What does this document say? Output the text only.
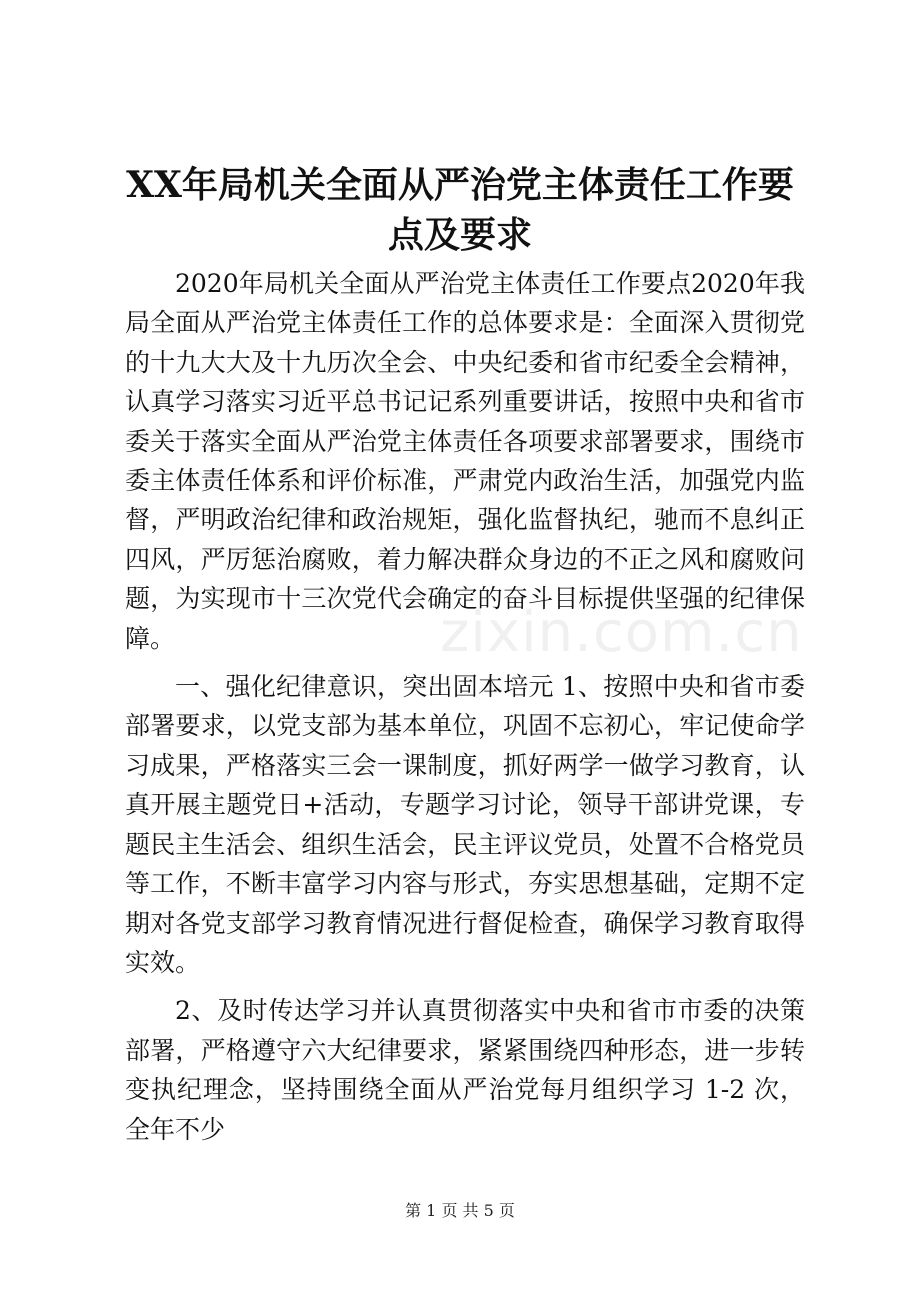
XX年局机关全面从严治党主体责任工作要点及要求

2020年局机关全面从严治党主体责任工作要点2020年我局全面从严治党主体责任工作的总体要求是：全面深入贯彻党的十九大大及十九历次全会、中央纪委和省市纪委全会精神，认真学习落实习近平总书记记系列重要讲话，按照中央和省市委关于落实全面从严治党主体责任各项要求部署要求，围绕市委主体责任体系和评价标准，严肃党内政治生活，加强党内监督，严明政治纪律和政治规矩，强化监督执纪，驰而不息纠正四风，严厉惩治腐败，着力解决群众身边的不正之风和腐败问题，为实现市十三次党代会确定的奋斗目标提供坚强的纪律保障。

一、强化纪律意识，突出固本培元 1、按照中央和省市委部署要求，以党支部为基本单位，巩固不忘初心，牢记使命学习成果，严格落实三会一课制度，抓好两学一做学习教育，认真开展主题党日+活动，专题学习讨论，领导干部讲党课，专题民主生活会、组织生活会，民主评议党员，处置不合格党员等工作，不断丰富学习内容与形式，夯实思想基础，定期不定期对各党支部学习教育情况进行督促检查，确保学习教育取得实效。

2、及时传达学习并认真贯彻落实中央和省市市委的决策部署，严格遵守六大纪律要求，紧紧围绕四种形态，进一步转变执纪理念，坚持围绕全面从严治党每月组织学习 1-2 次，全年不少

zixin.com.cn
第 1 页 共 5 页
